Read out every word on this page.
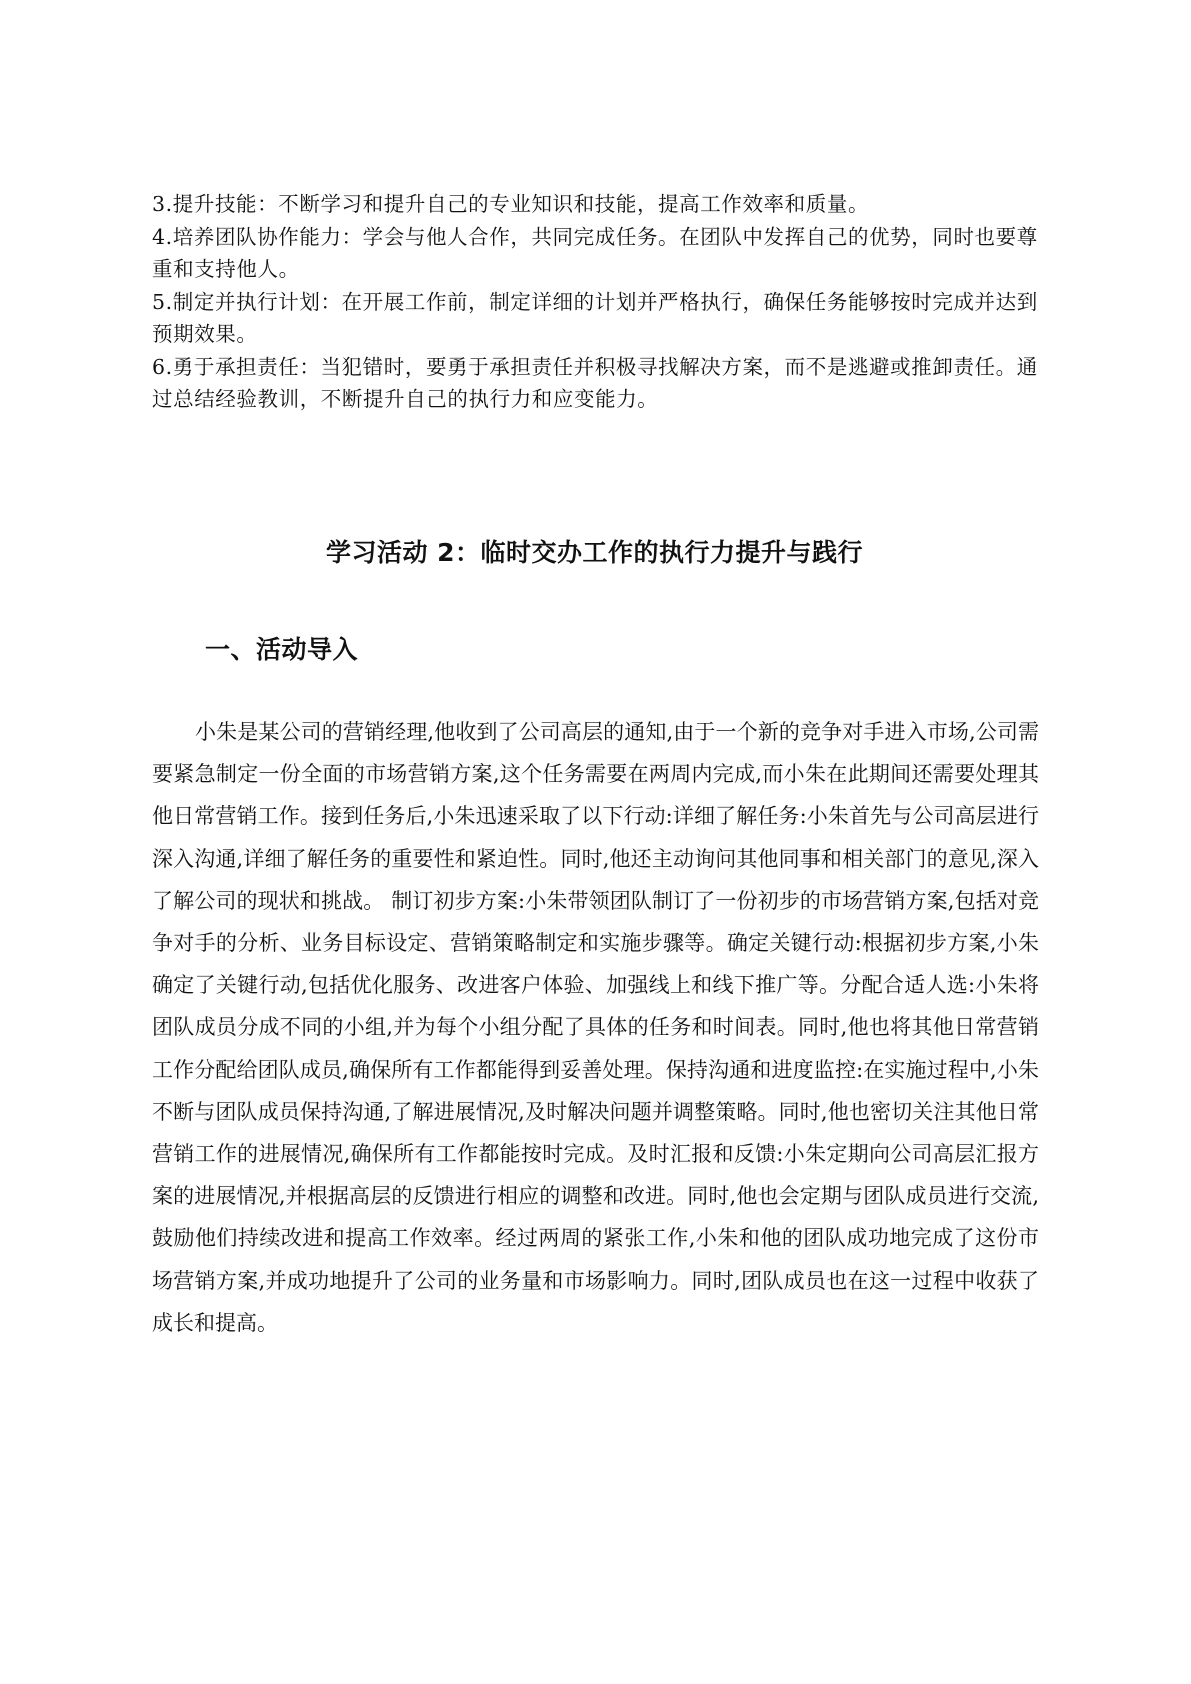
3.提升技能：不断学习和提升自己的专业知识和技能，提高工作效率和质量。

4.培养团队协作能力：学会与他人合作，共同完成任务。在团队中发挥自己的优势，同时也要尊重和支持他人。

5.制定并执行计划：在开展工作前，制定详细的计划并严格执行，确保任务能够按时完成并达到预期效果。

6.勇于承担责任：当犯错时，要勇于承担责任并积极寻找解决方案，而不是逃避或推卸责任。通过总结经验教训，不断提升自己的执行力和应变能力。

学习活动 2：临时交办工作的执行力提升与践行
一、活动导入

小朱是某公司的营销经理,他收到了公司高层的通知,由于一个新的竞争对手进入市场,公司需要紧急制定一份全面的市场营销方案,这个任务需要在两周内完成,而小朱在此期间还需要处理其他日常营销工作。接到任务后,小朱迅速采取了以下行动:详细了解任务:小朱首先与公司高层进行深入沟通,详细了解任务的重要性和紧迫性。同时,他还主动询问其他同事和相关部门的意见,深入了解公司的现状和挑战。 制订初步方案:小朱带领团队制订了一份初步的市场营销方案,包括对竞争对手的分析、业务目标设定、营销策略制定和实施步骤等。确定关键行动:根据初步方案,小朱确定了关键行动,包括优化服务、改进客户体验、加强线上和线下推广等。分配合适人选:小朱将团队成员分成不同的小组,并为每个小组分配了具体的任务和时间表。同时,他也将其他日常营销工作分配给团队成员,确保所有工作都能得到妥善处理。保持沟通和进度监控:在实施过程中,小朱不断与团队成员保持沟通,了解进展情况,及时解决问题并调整策略。同时,他也密切关注其他日常营销工作的进展情况,确保所有工作都能按时完成。及时汇报和反馈:小朱定期向公司高层汇报方案的进展情况,并根据高层的反馈进行相应的调整和改进。同时,他也会定期与团队成员进行交流,鼓励他们持续改进和提高工作效率。经过两周的紧张工作,小朱和他的团队成功地完成了这份市场营销方案,并成功地提升了公司的业务量和市场影响力。同时,团队成员也在这一过程中收获了成长和提高。
